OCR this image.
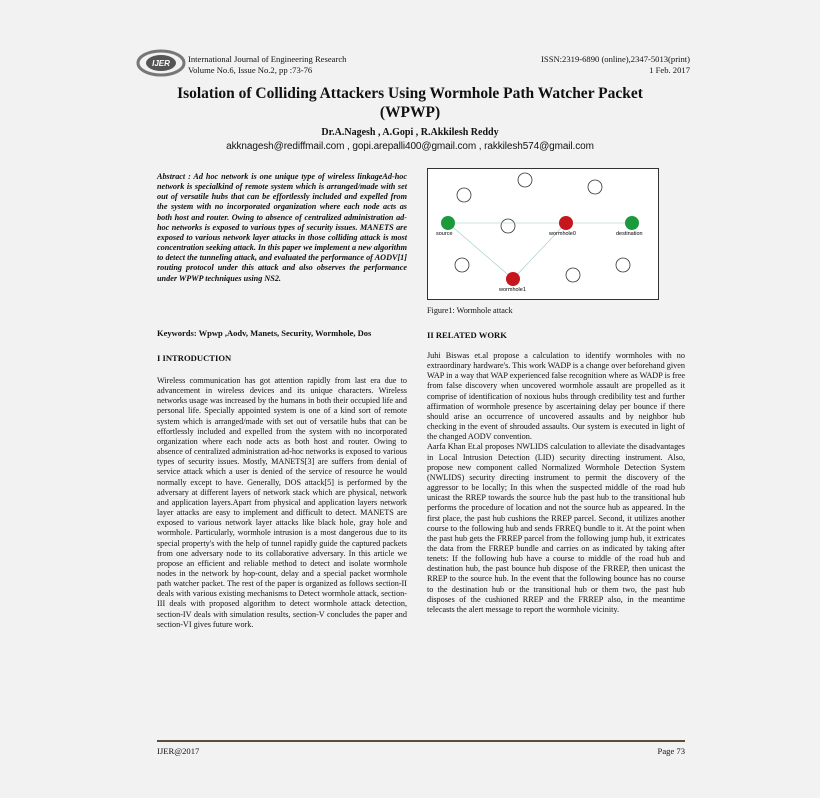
IJER International Journal of Engineering Research
Volume No.6, Issue No.2, pp :73-76
ISSN:2319-6890 (online),2347-5013(print)
1 Feb. 2017
Isolation of Colliding Attackers Using Wormhole Path Watcher Packet
(WPWP)
Dr.A.Nagesh , A.Gopi , R.Akkilesh Reddy
akknagesh@rediffmail.com , gopi.arepalli400@gmail.com , rakkilesh574@gmail.com
Abstract : Ad hoc network is one unique type of wireless linkageAd-hoc network is specialkind of remote system which is arranged/made with set out of versatile hubs that can be effortlessly included and expelled from the system with no incorporated organization where each node acts as both host and router. Owing to absence of centralized administration ad-hoc networks is exposed to various types of security issues. MANETS are exposed to various network layer attacks in those colliding attack is most concentration seeking attack. In this paper we implement a new algorithm to detect the tunneling attack, and evaluated the performance of AODV[1] routing protocol under this attack and also observes the performance under WPWP techniques using NS2.
Keywords: Wpwp ,Aodv, Manets, Security, Wormhole, Dos
I INTRODUCTION
Wireless communication has got attention rapidly from last era due to advancement in wireless devices and its unique characters. Wireless networks usage was increased by the humans in both their occupied life and personal life. Specially appointed system is one of a kind sort of remote system which is arranged/made with set out of versatile hubs that can be effortlessly included and expelled from the system with no incorporated organization where each node acts as both host and router. Owing to absence of centralized administration ad-hoc networks is exposed to various types of security issues. Mostly, MANETS[3] are suffers from denial of service attack which a user is denied of the service of resource he would normally except to have. Generally, DOS attack[5] is performed by the adversary at different layers of network stack which are physical, network and application layers.Apart from physical and application layers network layer attacks are easy to implement and difficult to detect. MANETS are exposed to various network layer attacks like black hole, gray hole and wormhole. Particularly, wormhole intrusion is a most dangerous due to its special property's with the help of tunnel rapidly guide the captured packets from one adversary node to its collaborative adversary. In this article we propose an efficient and reliable method to detect and isolate wormhole nodes in the network by hop-count, delay and a special packet wormhole path watcher packet. The rest of the paper is organized as follows section-II deals with various existing mechanisms to Detect wormhole attack, section-III deals with proposed algorithm to detect wormhole attack detection, section-IV deals with simulation results, section-V concludes the paper and section-VI gives future work.
source	wormhole0	destination
wormhole1
Figure1: Wormhole attack
II RELATED WORK

Juhi Biswas et.al propose a calculation to identify wormholes with no extraordinary hardware's. This work WADP is a change over beforehand given WAP in a way that WAP experienced false recognition where as WADP is free from false discovery when uncovered wormhole assault are propelled as it comprise of identification of noxious hubs through credibility test and further affirmation of wormhole presence by ascertaining delay per bounce if there should arise an occurrence of uncovered assaults and by neighbor hub checking in the event of shrouded assaults. Our system is executed in light of the changed AODV convention.

Aarfa Khan Et.al proposes NWLIDS calculation to alleviate the disadvantages in Local Intrusion Detection (LID) security directing instrument. Also, propose new component called Normalized Wormhole Detection System (NWLIDS) security directing instrument to permit the discovery of the aggressor to be locally; In this when the suspected middle of the road hub unicast the RREP towards the source hub the past hub to the transitional hub performs the procedure of location and not the source hub as appeared. In the first place, the past hub cushions the RREP parcel. Second, it utilizes another course to the following hub and sends FRREQ bundle to it. At the point when the past hub gets the FRREP parcel from the following jump hub, it extricates the data from the FRREP bundle and carries on as indicated by taking after tenets: If the following hub have a course to middle of the road hub and destination hub, the past bounce hub dispose of the FRREP, then unicast the RREP to the source hub. In the event that the following bounce has no course to the destination hub or the transitional hub or them two, the past hub disposes of the cushioned RREP and the FRREP also, in the meantime telecasts the alert message to report the wormhole vicinity.

IJER@2017	Page 73
